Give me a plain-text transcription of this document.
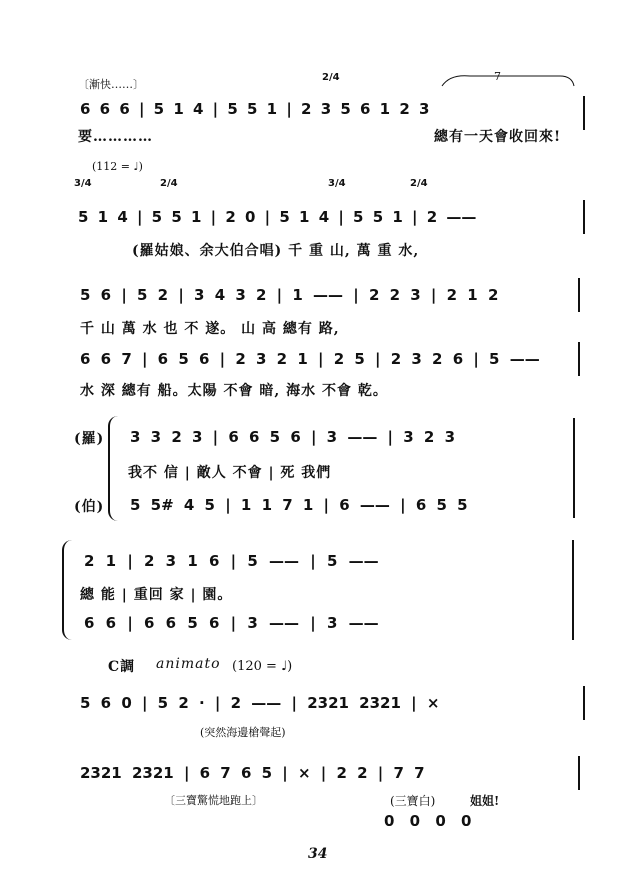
〔漸快……〕
2/4	7
6 6 6 | 5 1 4 | 5 5 1 | 2 3 5 6 1 2 3
要…………	總有一天會收回來!
(112 = ♩)
3/4	2/4	3/4	2/4
5 1 4 | 5 5 1 | 2 0 | 5 1 4 | 5 5 1 | 2 ——
(羅姑娘、余大伯合唱) 千 重 山, 萬 重 水,
5 6 | 5 2 | 3 4 3 2 | 1 —— | 2 2 3 | 2 1 2
千 山 萬 水 也 不 遂。 山 高 總有 路,
6 6 7 | 6 5 6 | 2 3 2 1 | 2 5 | 2 3 2 6 | 5 ——
水 深 總有 船。太陽 不會 暗, 海水 不會 乾。
(羅) 3 3 2 3 | 6 6 5 6 | 3 —— | 3 2 3
我不 信 | 敵人 不會 | 死 我們
(伯) 5 5# 4 5 | 1 1 7 1 | 6 —— | 6 5 5
2 1 | 2 3 1 6 | 5 —— | 5 ——
總 能 | 重回 家 | 園。
6 6 | 6 6 5 6 | 3 —— | 3 ——
C調 animato (120 = ♩)
5 6 0 | 5 2 · | 2 —— | 2321 2321 | ×
(突然海邊槍聲起)
2321 2321 | 6 7 6 5 | × | 2 2 | 7 7
〔三寶驚慌地跑上〕	(三寶白)	姐姐!
0 0 0 0
34
